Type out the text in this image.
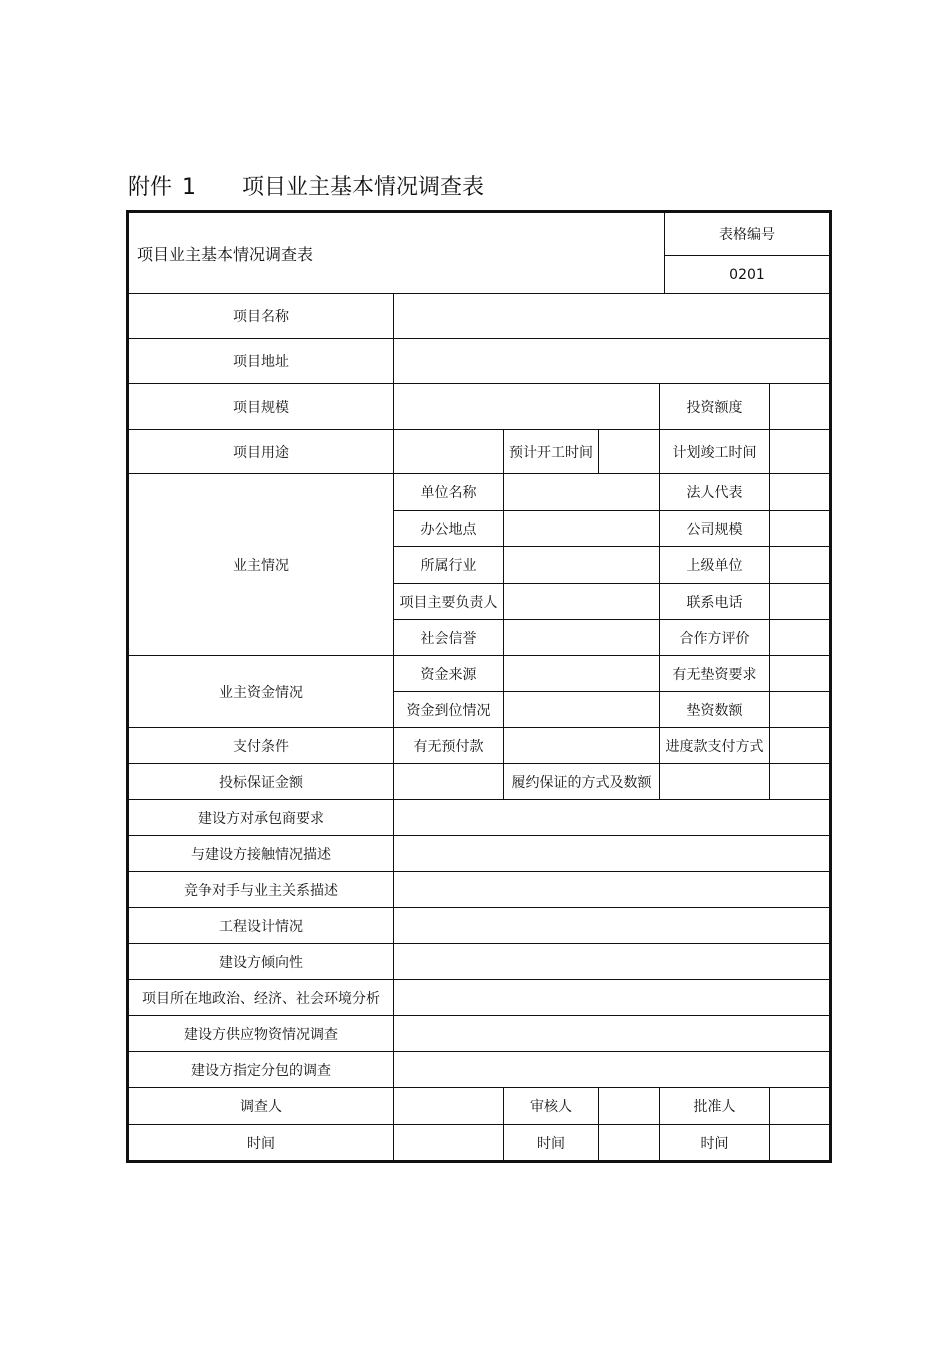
附件 1 项目业主基本情况调查表
项目业主基本情况调查表
表格编号
0201
项目名称
项目地址
项目规模	投资额度
项目用途	预计开工时间	计划竣工时间
业主情况
单位名称	法人代表
办公地点	公司规模
所属行业	上级单位
项目主要负责人	联系电话
社会信誉	合作方评价
业主资金情况
资金来源	有无垫资要求
资金到位情况	垫资数额
支付条件	有无预付款	进度款支付方式
投标保证金额	履约保证的方式及数额
建设方对承包商要求
与建设方接触情况描述
竞争对手与业主关系描述
工程设计情况
建设方倾向性
项目所在地政治、经济、社会环境分析
建设方供应物资情况调查
建设方指定分包的调查
调查人	审核人	批准人
时间	时间	时间
